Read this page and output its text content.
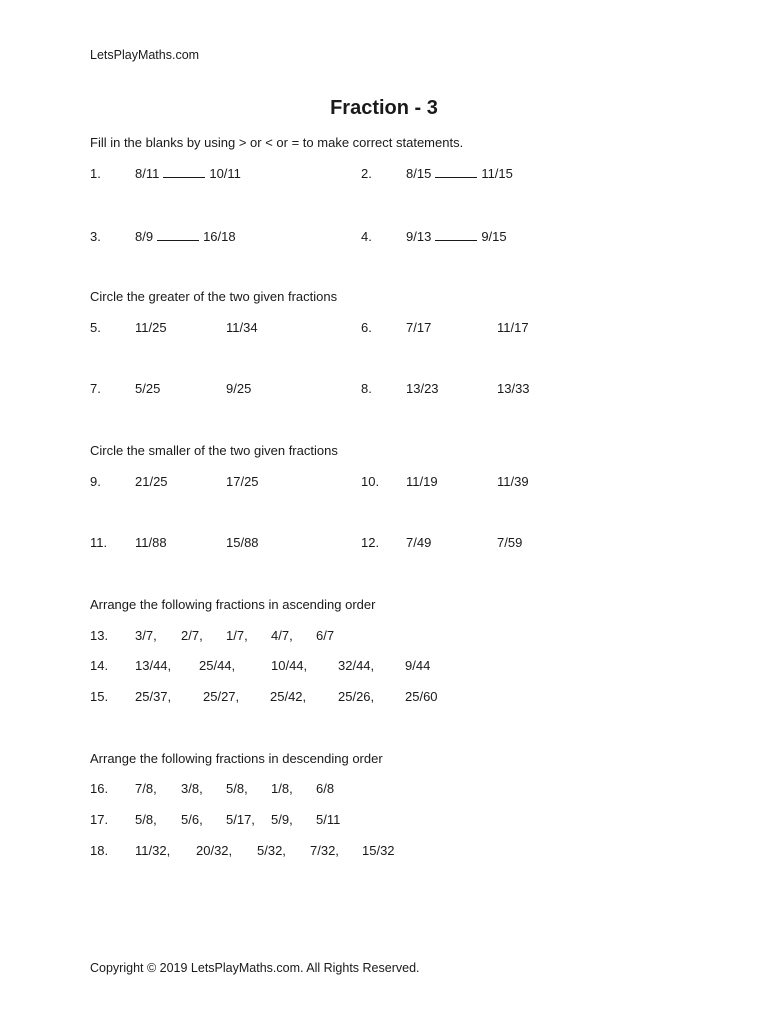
LetsPlayMaths.com
Fraction - 3
Fill in the blanks by using > or < or = to make correct statements.
1.	8/11	10/11	2.	8/15	11/15
3.	8/9	16/18	4.	9/13	9/15
Circle the greater of the two given fractions
5.	11/25	11/34	6.	7/17	11/17
7.	5/25	9/25	8.	13/23	13/33
Circle the smaller of the two given fractions
9.	21/25	17/25	10. 11/19	11/39
11. 11/88	15/88	12. 7/49	7/59
Arrange the following fractions in ascending order
13. 3/7, 2/7, 1/7, 4/7, 6/7
14. 13/44, 25/44,	10/44, 32/44, 9/44
15. 25/37, 25/27, 25/42, 25/26, 25/60
Arrange the following fractions in descending order
16. 7/8, 3/8, 5/8, 1/8, 6/8
17. 5/8, 5/6, 5/17, 5/9, 5/11
18. 11/32, 20/32, 5/32, 7/32, 15/32
Copyright © 2019 LetsPlayMaths.com. All Rights Reserved.
